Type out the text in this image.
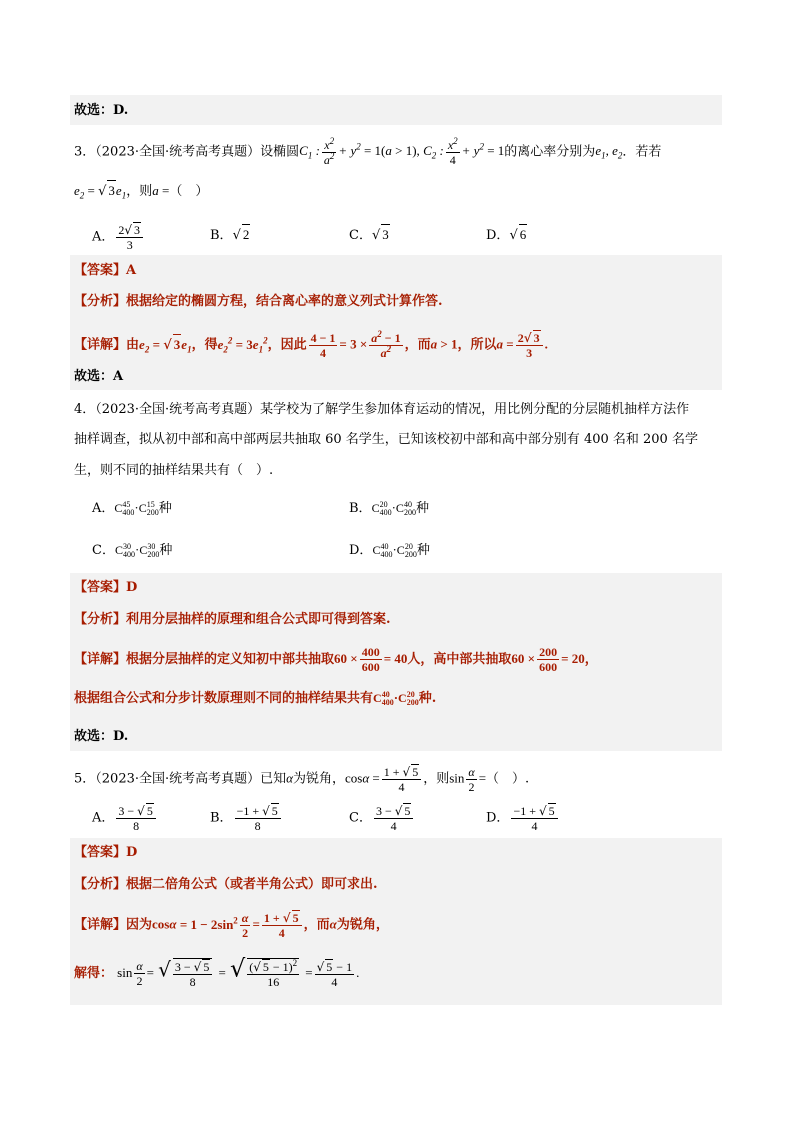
故选：D.
3．（2023·全国·统考高考真题）设椭圆$C_1$ : $\frac{x^2}{a^2} + y^2 = 1(a > 1)$, $C_2$ : $\frac{x^2}{4} + y^2 = 1$的离心率分别为$e_1$, $e_2$．若若
$e_2$ = √ $3e_1$，则a =（　）
A． $\frac{2√ 3}{3}$	B．√ 2	C．√ 3	D．√ 6
【答案】A
【分析】根据给定的椭圆方程，结合离心率的意义列式计算作答.
【详解】由$e_2$ = √ $3e_1$，得$e_2^2 = 3e_1^2$，因此 $\frac{4 - 1}{4} = 3 \times \frac{a^2 - 1}{a^2}$ ，而a > 1，所以$a = \frac{2√ 3}{3}$ .
故选：A
4．（2023·全国·统考高考真题）某学校为了解学生参加体育运动的情况，用比例分配的分层随机抽样方法作
抽样调查，拟从初中部和高中部两层共抽取 60 名学生，已知该校初中部和高中部分别有 400 名和 200 名学
生，则不同的抽样结果共有（　）.
A．C 45
400 ·C 15
200 种	B．C 20
400 ·C 40
200 种
C．C 30
400 ·C 30
200 种	D．C 40
400 ·C 20
200 种
【答案】D
【分析】利用分层抽样的原理和组合公式即可得到答案.
【详解】根据分层抽样的定义知初中部共抽取$60 \times \frac{400}{600} = 40$人，高中部共抽取$60 \times \frac{200}{600} = 20$，
根据组合公式和分步计数原理则不同的抽样结果共有C 40
400 ·C 20
200 种.
故选：D.
5．（2023·全国·统考高考真题）已知α为锐角，$\cos\alpha = \frac{1 + √ 5}{4}$ ，则$\sin \frac{\alpha}{2}$ =（　）.
A． $\frac{3 - √ 5}{8}$	B． $\frac{-1 + √ 5}{8}$	C． $\frac{3 - √ 5}{4}$	D． $\frac{-1 + √ 5}{4}$
【答案】D
【分析】根据二倍角公式（或者半角公式）即可求出.
【详解】因为$\cos\alpha = 1 - 2\sin^2 \frac{\alpha}{2} = \frac{1 + √ 5}{4}$ ，而α为锐角，
解得： $\sin \frac{\alpha}{2}$ = √ $\frac{3 - √ 5}{8}$ = √ $\frac{(√ 5 - 1)^2}{16} = \frac{√ 5 - 1}{4}$ .
